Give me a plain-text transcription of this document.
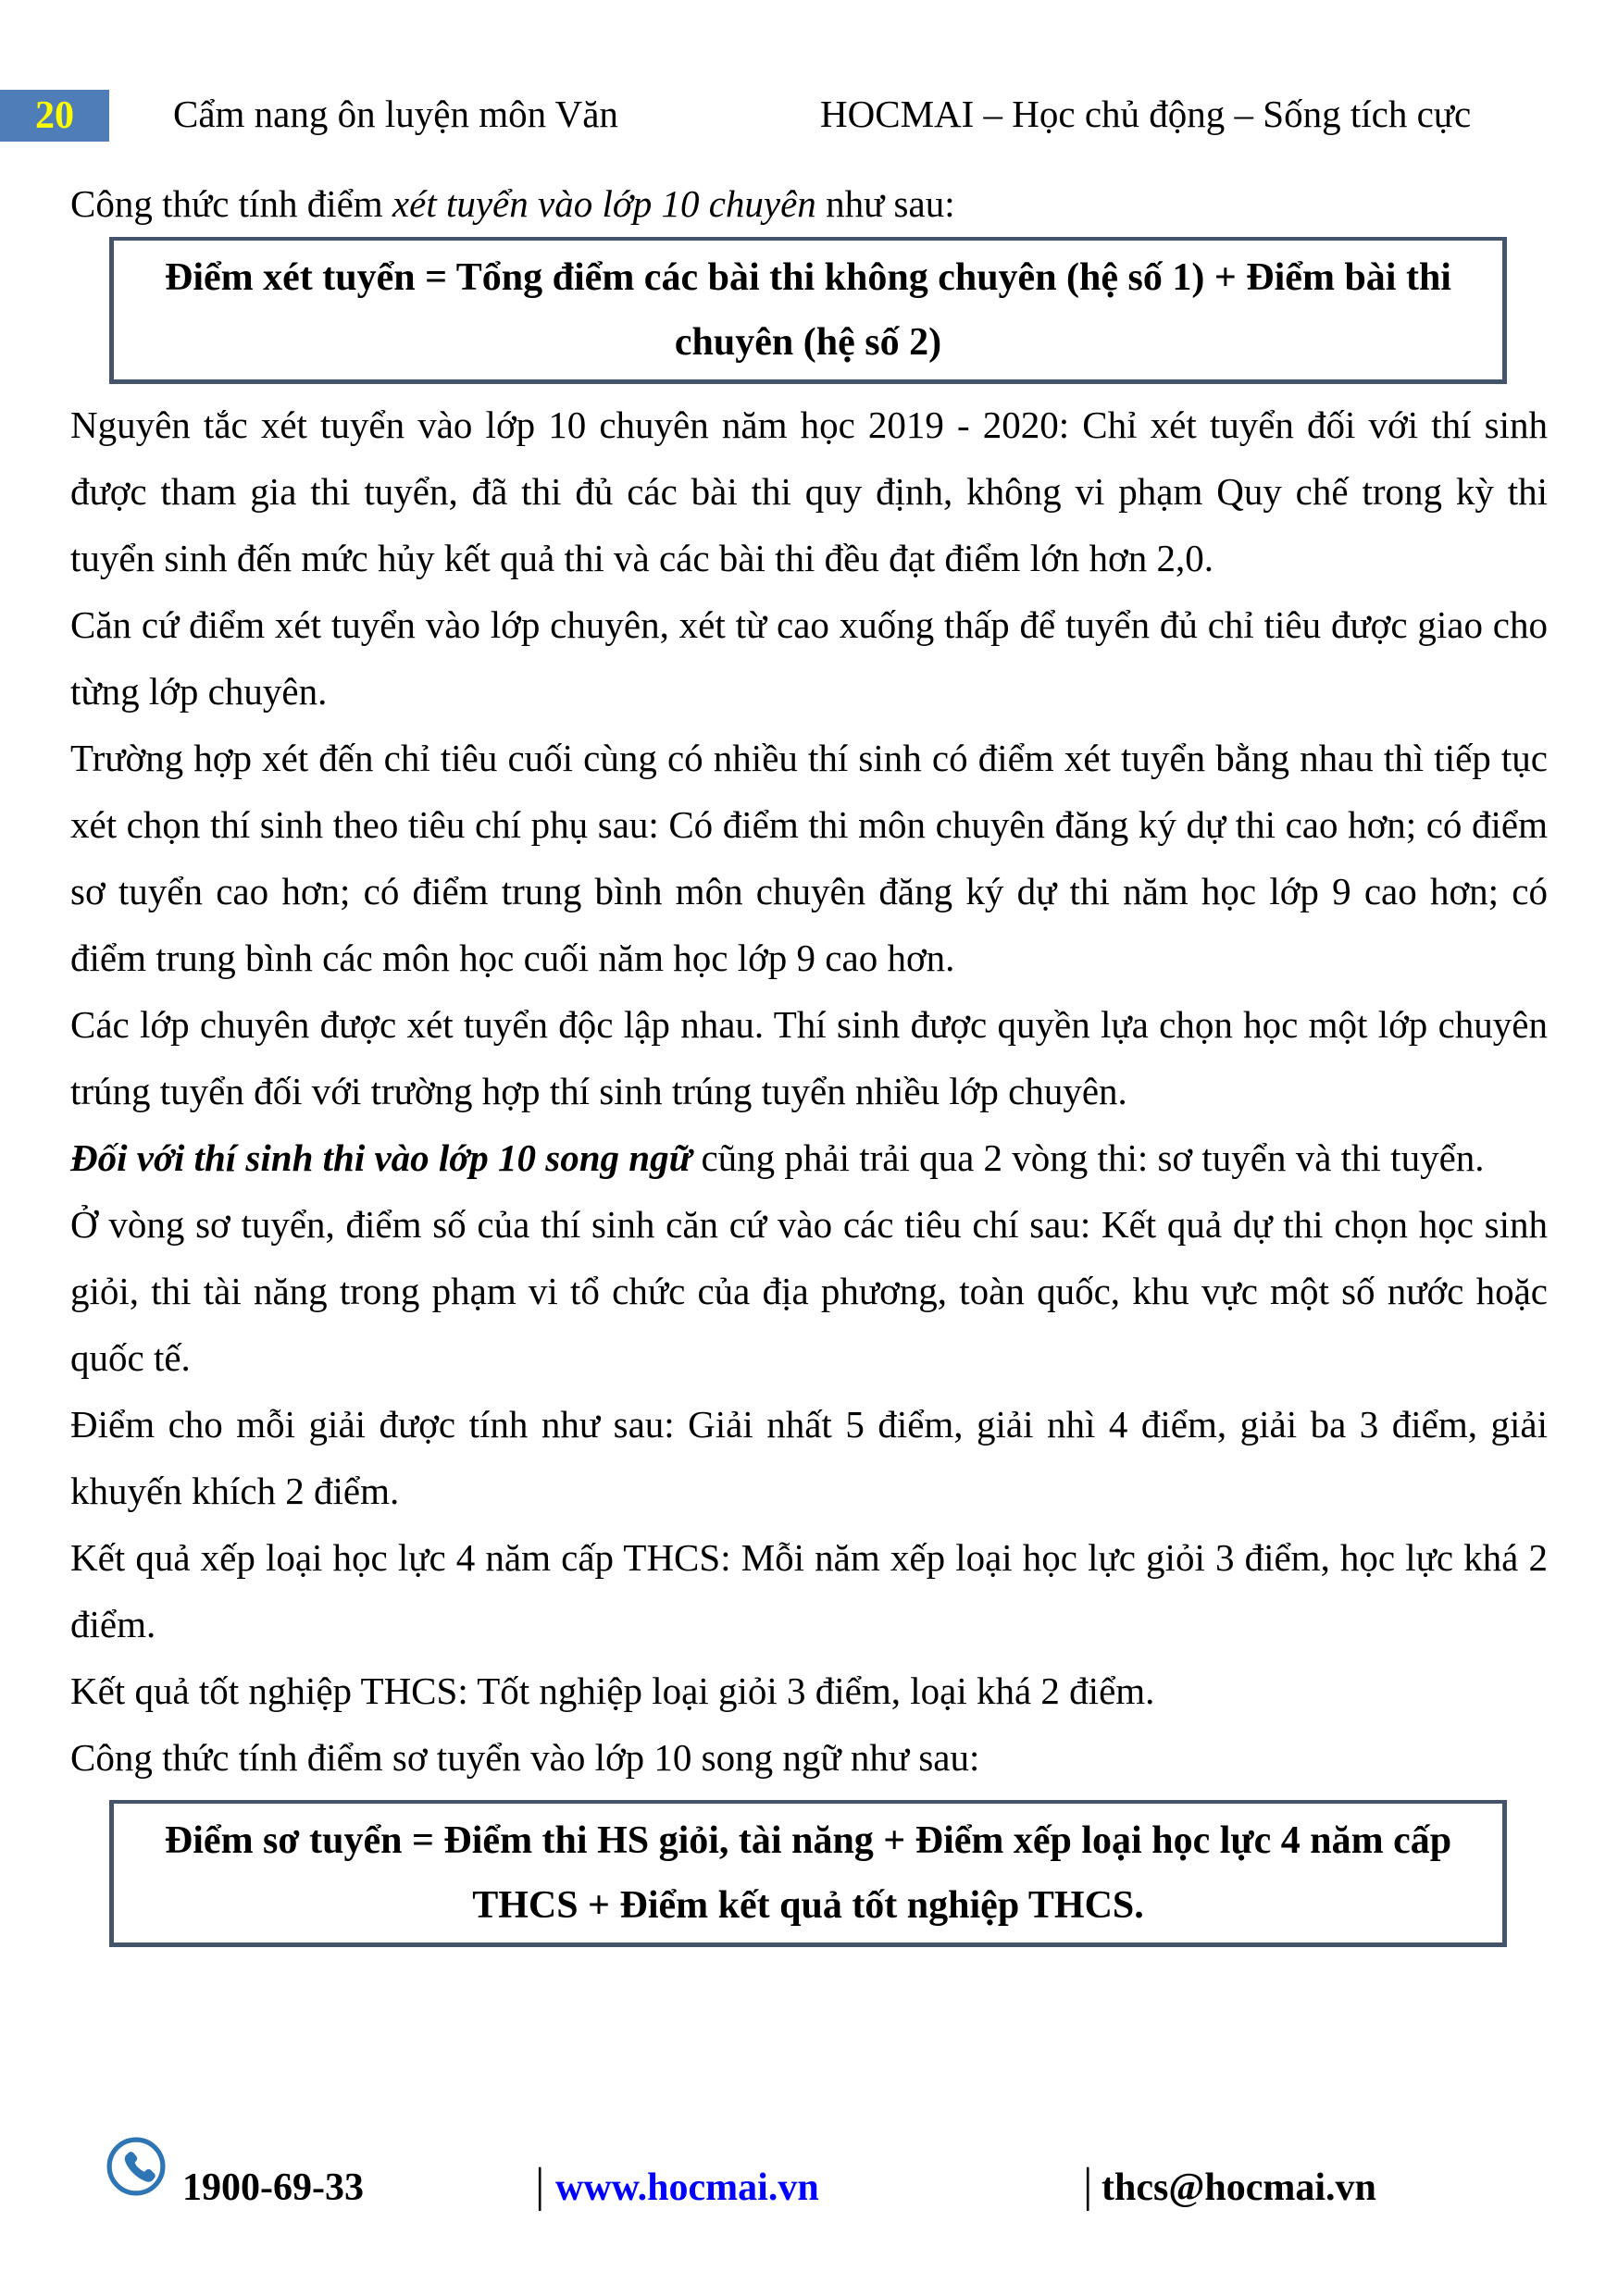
20	Cẩm nang ôn luyện môn Văn	HOCMAI – Học chủ động – Sống tích cực

Công thức tính điểm xét tuyển vào lớp 10 chuyên như sau:

Điểm xét tuyển = Tổng điểm các bài thi không chuyên (hệ số 1) + Điểm bài thi chuyên (hệ số 2)

Nguyên tắc xét tuyển vào lớp 10 chuyên năm học 2019 - 2020: Chỉ xét tuyển đối với thí sinh được tham gia thi tuyển, đã thi đủ các bài thi quy định, không vi phạm Quy chế trong kỳ thi tuyển sinh đến mức hủy kết quả thi và các bài thi đều đạt điểm lớn hơn 2,0.

Căn cứ điểm xét tuyển vào lớp chuyên, xét từ cao xuống thấp để tuyển đủ chỉ tiêu được giao cho từng lớp chuyên.

Trường hợp xét đến chỉ tiêu cuối cùng có nhiều thí sinh có điểm xét tuyển bằng nhau thì tiếp tục xét chọn thí sinh theo tiêu chí phụ sau: Có điểm thi môn chuyên đăng ký dự thi cao hơn; có điểm sơ tuyển cao hơn; có điểm trung bình môn chuyên đăng ký dự thi năm học lớp 9 cao hơn; có điểm trung bình các môn học cuối năm học lớp 9 cao hơn.

Các lớp chuyên được xét tuyển độc lập nhau. Thí sinh được quyền lựa chọn học một lớp chuyên trúng tuyển đối với trường hợp thí sinh trúng tuyển nhiều lớp chuyên.

Đối với thí sinh thi vào lớp 10 song ngữ cũng phải trải qua 2 vòng thi: sơ tuyển và thi tuyển.

Ở vòng sơ tuyển, điểm số của thí sinh căn cứ vào các tiêu chí sau: Kết quả dự thi chọn học sinh giỏi, thi tài năng trong phạm vi tổ chức của địa phương, toàn quốc, khu vực một số nước hoặc quốc tế.

Điểm cho mỗi giải được tính như sau: Giải nhất 5 điểm, giải nhì 4 điểm, giải ba 3 điểm, giải khuyến khích 2 điểm.

Kết quả xếp loại học lực 4 năm cấp THCS: Mỗi năm xếp loại học lực giỏi 3 điểm, học lực khá 2 điểm.

Kết quả tốt nghiệp THCS: Tốt nghiệp loại giỏi 3 điểm, loại khá 2 điểm.

Công thức tính điểm sơ tuyển vào lớp 10 song ngữ như sau:

Điểm sơ tuyển = Điểm thi HS giỏi, tài năng + Điểm xếp loại học lực 4 năm cấp THCS + Điểm kết quả tốt nghiệp THCS.
1900-69-33	| www.hocmai.vn	| thcs@hocmai.vn
